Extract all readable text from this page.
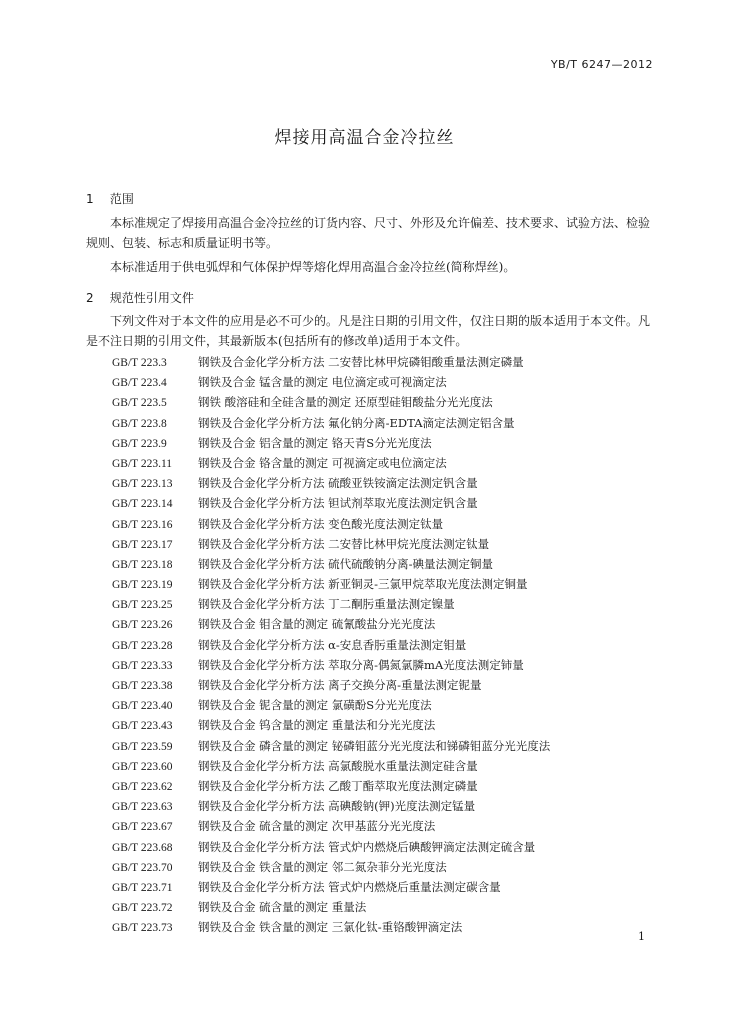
YB/T 6247—2012
焊接用高温合金冷拉丝
1 范围
本标准规定了焊接用高温合金冷拉丝的订货内容、尺寸、外形及允许偏差、技术要求、试验方法、检验规则、包装、标志和质量证明书等。
本标准适用于供电弧焊和气体保护焊等熔化焊用高温合金冷拉丝(简称焊丝)。
2 规范性引用文件
下列文件对于本文件的应用是必不可少的。凡是注日期的引用文件，仅注日期的版本适用于本文件。凡是不注日期的引用文件，其最新版本(包括所有的修改单)适用于本文件。
GB/T 223.3	钢铁及合金化学分析方法 二安替比林甲烷磷钼酸重量法测定磷量
GB/T 223.4	钢铁及合金 锰含量的测定 电位滴定或可视滴定法
GB/T 223.5	钢铁 酸溶硅和全硅含量的测定 还原型硅钼酸盐分光光度法
GB/T 223.8	钢铁及合金化学分析方法 氟化钠分离-EDTA滴定法测定铝含量
GB/T 223.9	钢铁及合金 铝含量的测定 铬天青S分光光度法
GB/T 223.11 钢铁及合金 铬含量的测定 可视滴定或电位滴定法
GB/T 223.13 钢铁及合金化学分析方法 硫酸亚铁铵滴定法测定钒含量
GB/T 223.14 钢铁及合金化学分析方法 钽试剂萃取光度法测定钒含量
GB/T 223.16 钢铁及合金化学分析方法 变色酸光度法测定钛量
GB/T 223.17 钢铁及合金化学分析方法 二安替比林甲烷光度法测定钛量
GB/T 223.18 钢铁及合金化学分析方法 硫代硫酸钠分离-碘量法测定铜量
GB/T 223.19 钢铁及合金化学分析方法 新亚铜灵-三氯甲烷萃取光度法测定铜量
GB/T 223.25 钢铁及合金化学分析方法 丁二酮肟重量法测定镍量
GB/T 223.26 钢铁及合金 钼含量的测定 硫氰酸盐分光光度法
GB/T 223.28 钢铁及合金化学分析方法 α-安息香肟重量法测定钼量
GB/T 223.33 钢铁及合金化学分析方法 萃取分离-偶氮氯膦mA光度法测定铈量
GB/T 223.38 钢铁及合金化学分析方法 离子交换分离-重量法测定铌量
GB/T 223.40 钢铁及合金 铌含量的测定 氯磺酚S分光光度法
GB/T 223.43 钢铁及合金 钨含量的测定 重量法和分光光度法
GB/T 223.59 钢铁及合金 磷含量的测定 铋磷钼蓝分光光度法和锑磷钼蓝分光光度法
GB/T 223.60 钢铁及合金化学分析方法 高氯酸脱水重量法测定硅含量
GB/T 223.62 钢铁及合金化学分析方法 乙酸丁酯萃取光度法测定磷量
GB/T 223.63 钢铁及合金化学分析方法 高碘酸钠(钾)光度法测定锰量
GB/T 223.67 钢铁及合金 硫含量的测定 次甲基蓝分光光度法
GB/T 223.68 钢铁及合金化学分析方法 管式炉内燃烧后碘酸钾滴定法测定硫含量
GB/T 223.70 钢铁及合金 铁含量的测定 邻二氮杂菲分光光度法
GB/T 223.71 钢铁及合金化学分析方法 管式炉内燃烧后重量法测定碳含量
GB/T 223.72 钢铁及合金 硫含量的测定 重量法
GB/T 223.73 钢铁及合金 铁含量的测定 三氯化钛-重铬酸钾滴定法
1
